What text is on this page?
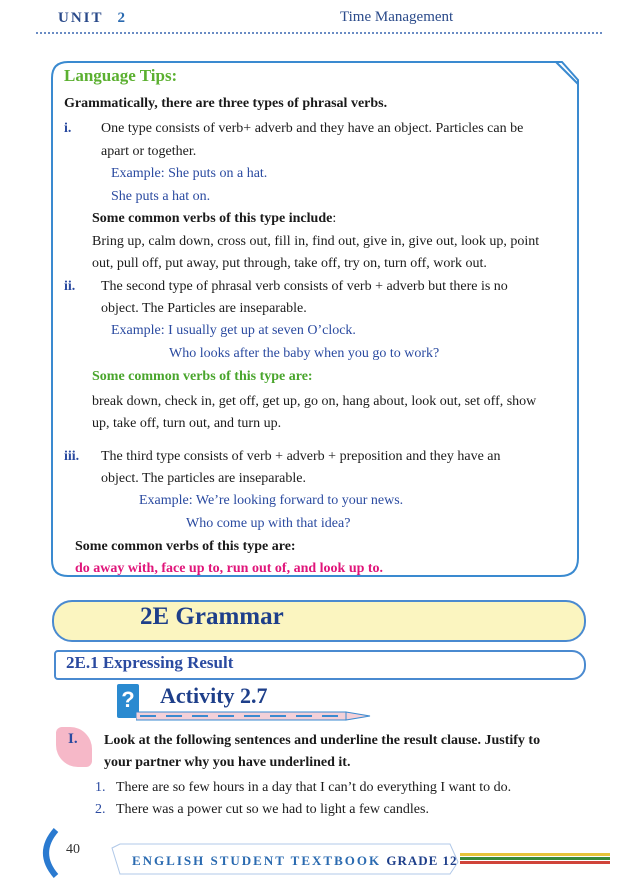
UNIT 2	Time Management
Language Tips:
Grammatically, there are three types of phrasal verbs.
i. One type consists of verb+ adverb and they have an object. Particles can be
apart or together.
Example: She puts on a hat.
She puts a hat on.
Some common verbs of this type include:
Bring up, calm down, cross out, fill in, find out, give in, give out, look up, point
out, pull off, put away, put through, take off, try on, turn off, work out.
ii. The second type of phrasal verb consists of verb + adverb but there is no
object. The Particles are inseparable.
Example: I usually get up at seven O’clock.
Who looks after the baby when you go to work?
Some common verbs of this type are:
break down, check in, get off, get up, go on, hang about, look out, set off, show
up, take off, turn out, and turn up.
iii. The third type consists of verb + adverb + preposition and they have an
object. The particles are inseparable.
Example: We’re looking forward to your news.
Who come up with that idea?
Some common verbs of this type are:
do away with, face up to, run out of, and look up to.
2E Grammar
2E.1 Expressing Result
? Activity 2.7
I. Look at the following sentences and underline the result clause. Justify to
your partner why you have underlined it.
1. There are so few hours in a day that I can’t do everything I want to do.
2. There was a power cut so we had to light a few candles.
40
ENGLISH STUDENT TEXTBOOK GRADE 12
